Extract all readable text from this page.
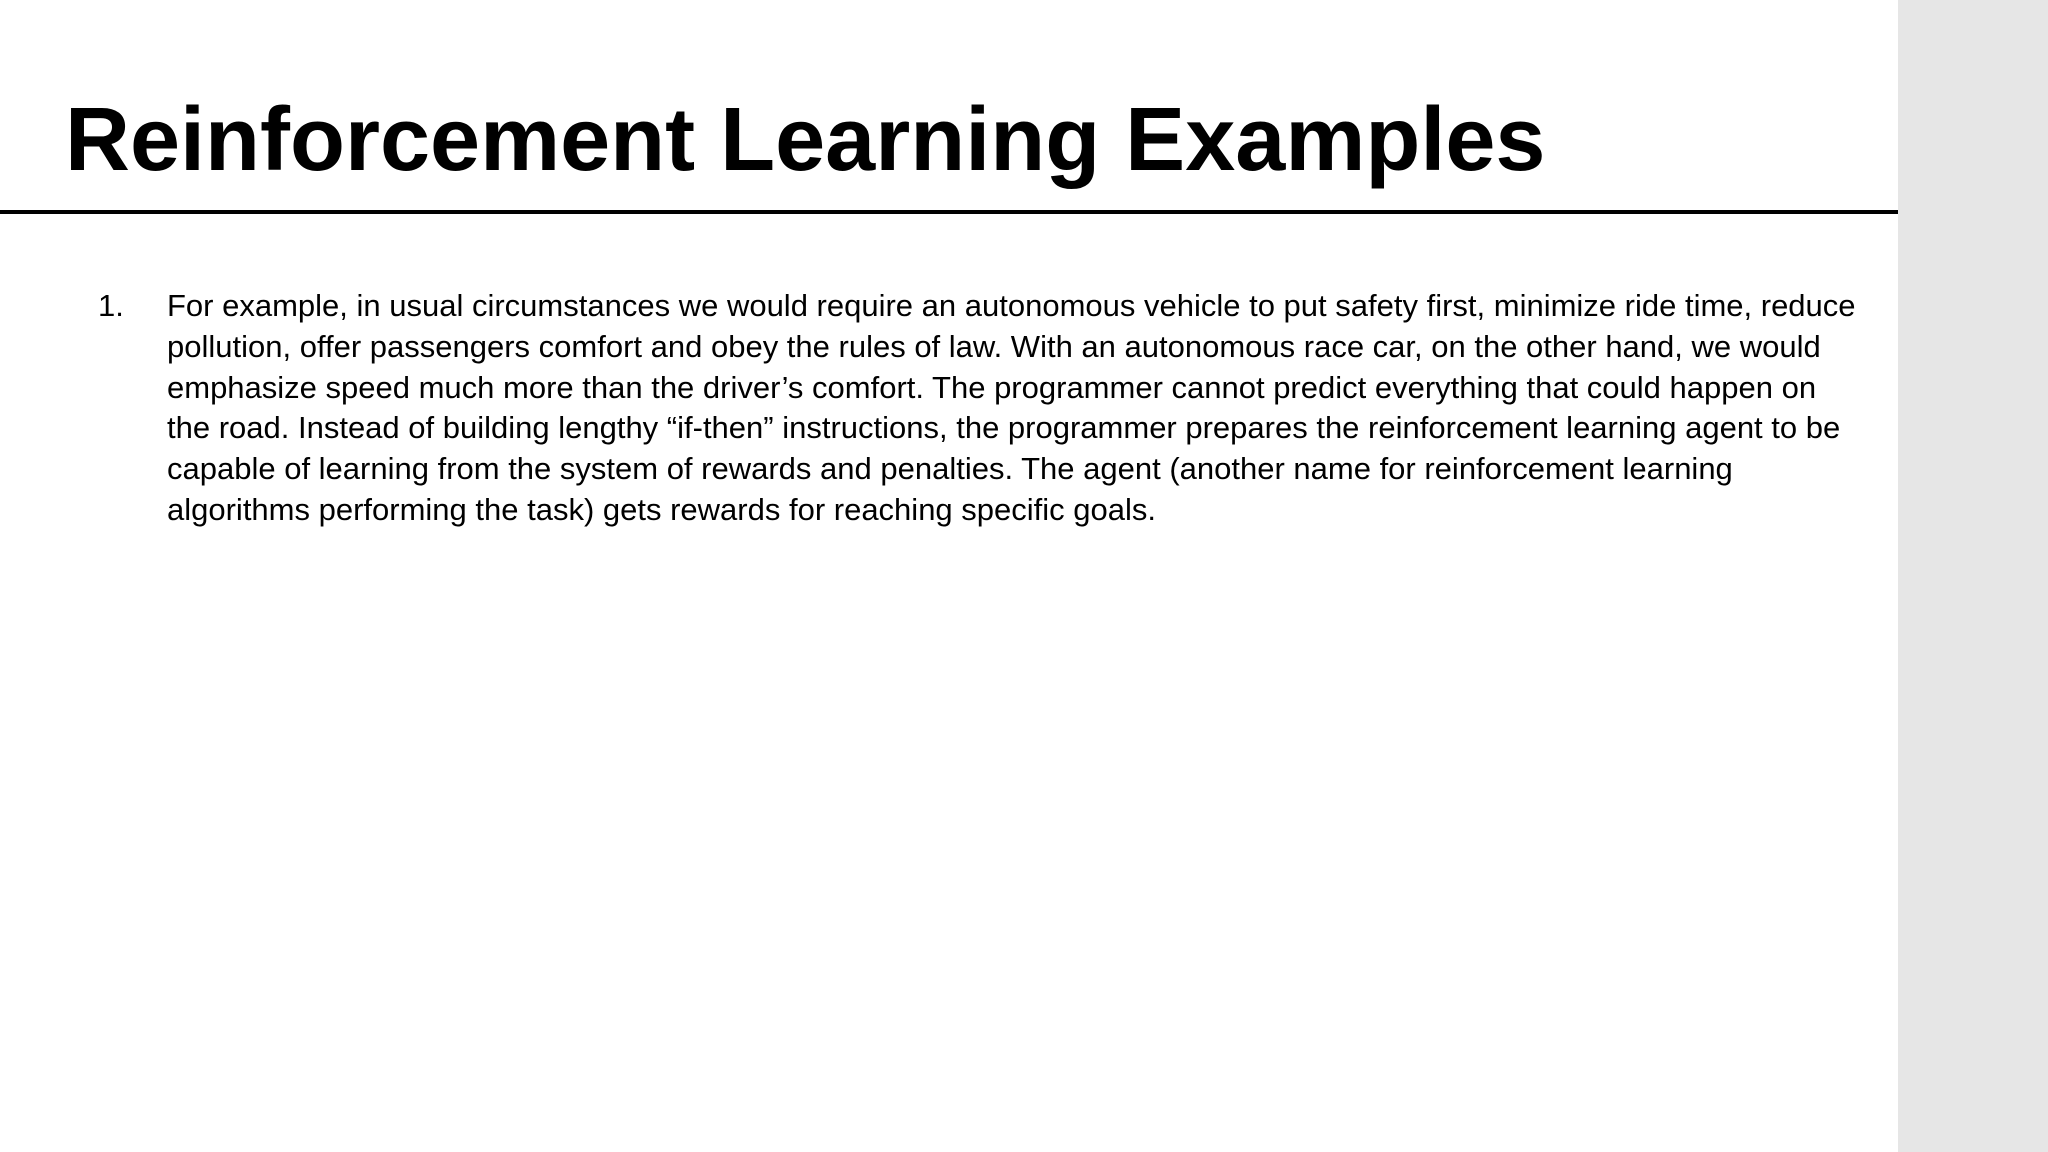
Reinforcement Learning Examples
1. For example, in usual circumstances we would require an autonomous vehicle to put safety first, minimize ride time, reduce pollution, offer passengers comfort and obey the rules of law. With an autonomous race car, on the other hand, we would emphasize speed much more than the driver’s comfort. The programmer cannot predict everything that could happen on the road. Instead of building lengthy “if-then” instructions, the programmer prepares the reinforcement learning agent to be capable of learning from the system of rewards and penalties. The agent (another name for reinforcement learning algorithms performing the task) gets rewards for reaching specific goals.
